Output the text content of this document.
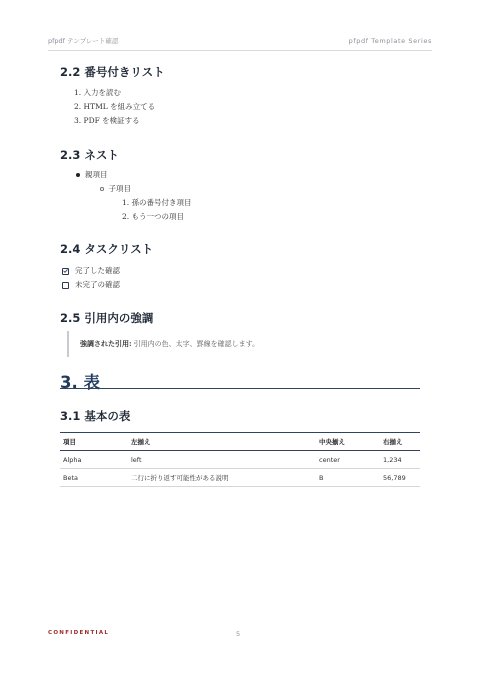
pfpdf テンプレート確認	pfpdf Template Series
2.2 番号付きリスト
1. 入力を読む
2. HTML を組み立てる
3. PDF を検証する
2.3 ネスト
親項目
子項目
1. 孫の番号付き項目
2. もう一つの項目
2.4 タスクリスト
完了した確認
未完了の確認
2.5 引用内の強調
強調された引用: 引用内の色、太字、罫線を確認します。
3. 表
3.1 基本の表
項目	左揃え	中央揃え	右揃え
Alpha	left	center	1,234
Beta	二行に折り返す可能性がある説明	B	56,789
CONFIDENTIAL	5
